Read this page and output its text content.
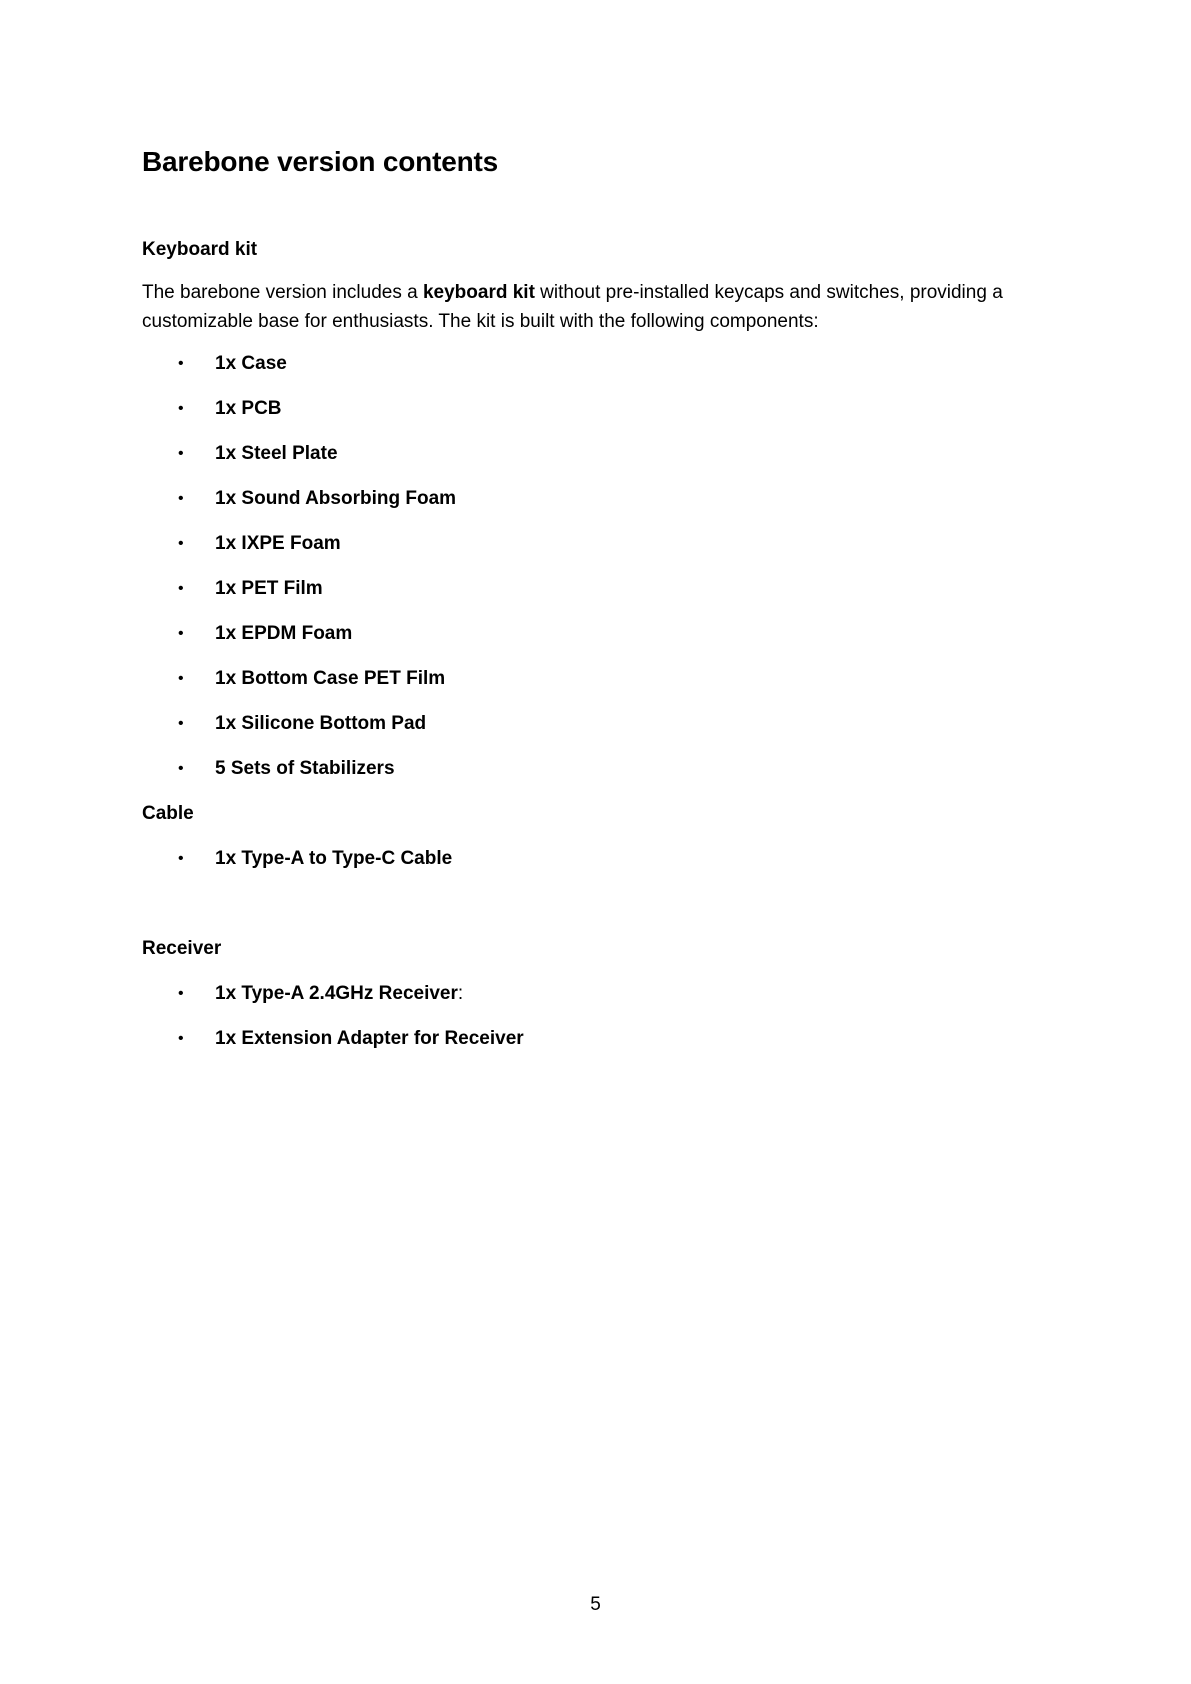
Barebone version contents

Keyboard kit

The barebone version includes a keyboard kit without pre-installed keycaps and switches, providing a customizable base for enthusiasts. The kit is built with the following components:

• 1x Case
• 1x PCB
• 1x Steel Plate
• 1x Sound Absorbing Foam
• 1x IXPE Foam
• 1x PET Film
• 1x EPDM Foam
• 1x Bottom Case PET Film
• 1x Silicone Bottom Pad
• 5 Sets of Stabilizers

Cable

• 1x Type-A to Type-C Cable

Receiver

• 1x Type-A 2.4GHz Receiver:
• 1x Extension Adapter for Receiver
5
